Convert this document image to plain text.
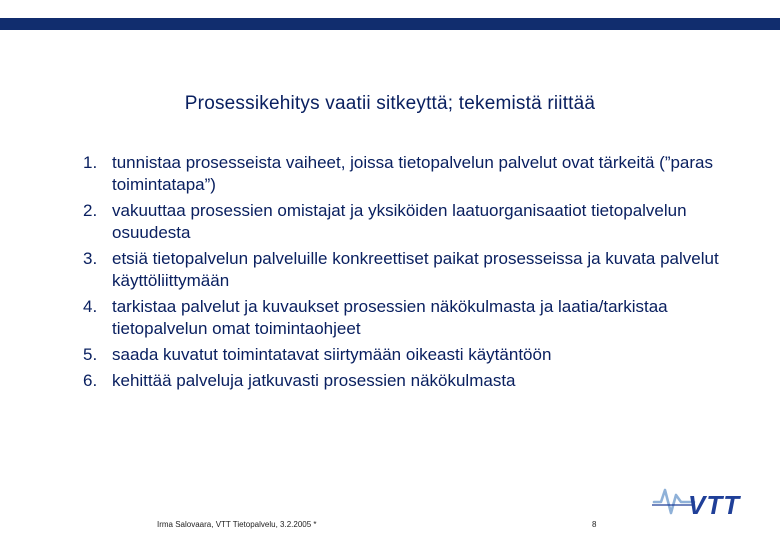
Prosessikehitys vaatii sitkeyttä; tekemistä riittää
1. tunnistaa prosesseista vaiheet, joissa tietopalvelun palvelut ovat tärkeitä (”paras toimintatapa”)
2. vakuuttaa prosessien omistajat ja yksiköiden laatuorganisaatiot tietopalvelun osuudesta
3. etsiä tietopalvelun palveluille konkreettiset paikat prosesseissa ja kuvata palvelut käyttöliittymään
4. tarkistaa palvelut ja kuvaukset prosessien näkökulmasta ja laatia/tarkistaa tietopalvelun omat toimintaohjeet
5. saada kuvatut toimintatavat siirtymään oikeasti käytäntöön
6. kehittää palveluja jatkuvasti prosessien näkökulmasta
Irma Salovaara, VTT Tietopalvelu, 3.2.2005 *	8
VTT
